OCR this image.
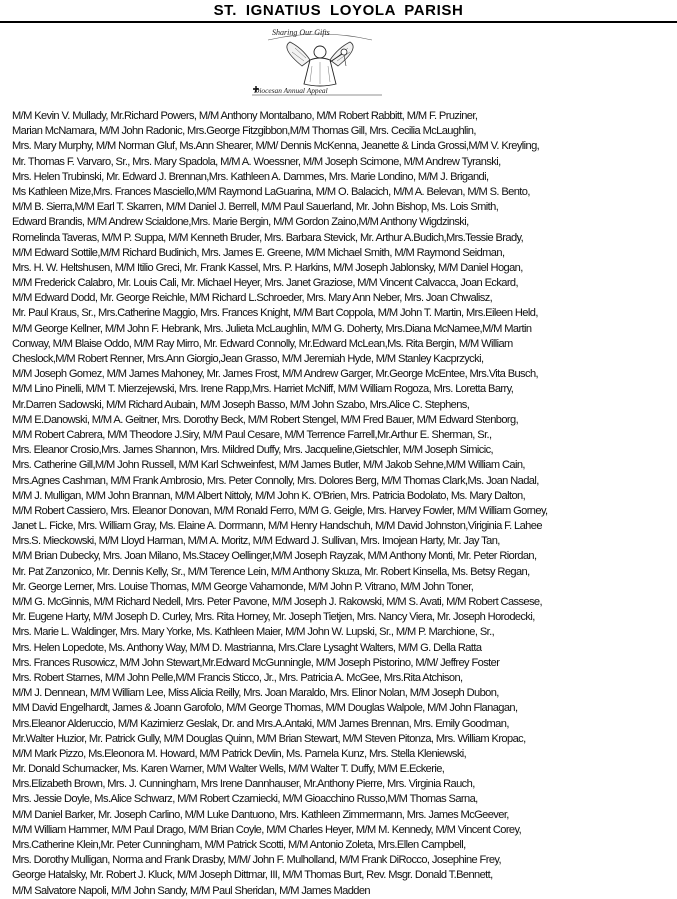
ST. IGNATIUS LOYOLA PARISH
Sharing Our Gifts
Diocesan Annual Appeal
M/M Kevin V. Mullady, Mr.Richard Powers, M/M Anthony Montalbano, M/M Robert Rabbitt, M/M F. Pruziner,
Marian McNamara, M/M John Radonic, Mrs.George Fitzgibbon,M/M Thomas Gill, Mrs. Cecilia McLaughlin,
Mrs. Mary Murphy, M/M Norman Gluf, Ms.Ann Shearer, M/M/ Dennis McKenna, Jeanette & Linda Grossi,M/M V. Kreyling,
Mr. Thomas F. Varvaro, Sr., Mrs. Mary Spadola, M/M A. Woessner, M/M Joseph Scimone, M/M Andrew Tyranski,
Mrs. Helen Trubinski, Mr. Edward J. Brennan,Mrs. Kathleen A. Dammes, Mrs. Marie Londino, M/M J. Brigandi,
Ms Kathleen Mize,Mrs. Frances Masciello,M/M Raymond LaGuarina, M/M O. Balacich, M/M A. Belevan, M/M S. Bento,
M/M B. Sierra,M/M Earl T. Skarren, M/M Daniel J. Berrell, M/M Paul Sauerland, Mr. John Bishop, Ms. Lois Smith,
Edward Brandis, M/M Andrew Scialdone,Mrs. Marie Bergin, M/M Gordon Zaino,M/M Anthony Wigdzinski,
Romelinda Taveras, M/M P. Suppa, M/M Kenneth Bruder, Mrs. Barbara Stevick, Mr. Arthur A.Budich,Mrs.Tessie Brady,
M/M Edward Sottile,M/M Richard Budinich, Mrs. James E. Greene, M/M Michael Smith, M/M Raymond Seidman,
Mrs. H. W. Heltshusen, M/M Itilio Greci, Mr. Frank Kassel, Mrs. P. Harkins, M/M Joseph Jablonsky, M/M Daniel Hogan,
M/M Frederick Calabro, Mr. Louis Cali, Mr. Michael Heyer, Mrs. Janet Graziose, M/M Vincent Calvacca, Joan Eckard,
M/M Edward Dodd, Mr. George Reichle, M/M Richard L.Schroeder, Mrs. Mary Ann Neber, Mrs. Joan Chwalisz,
Mr. Paul Kraus, Sr., Mrs.Catherine Maggio, Mrs. Frances Knight, M/M Bart Coppola, M/M John T. Martin, Mrs.Eileen Held,
M/M George Kellner, M/M John F. Hebrank, Mrs. Julieta McLaughlin, M/M G. Doherty, Mrs.Diana McNamee,M/M Martin
Conway, M/M Blaise Oddo, M/M Ray Mirro, Mr. Edward Connolly, Mr.Edward McLean,Ms. Rita Bergin, M/M William
Cheslock,M/M Robert Renner, Mrs.Ann Giorgio,Jean Grasso, M/M Jeremiah Hyde, M/M Stanley Kacprzycki,
M/M Joseph Gomez, M/M James Mahoney, Mr. James Frost, M/M Andrew Garger, Mr.George McEntee, Mrs.Vita Busch,
M/M Lino Pinelli, M/M T. Mierzejewski, Mrs. Irene Rapp,Mrs. Harriet McNiff, M/M William Rogoza, Mrs. Loretta Barry,
Mr.Darren Sadowski, M/M Richard Aubain, M/M Joseph Basso, M/M John Szabo, Mrs.Alice C. Stephens,
M/M E.Danowski, M/M A. Geitner, Mrs. Dorothy Beck, M/M Robert Stengel, M/M Fred Bauer, M/M Edward Stenborg,
M/M Robert Cabrera, M/M Theodore J.Siry, M/M Paul Cesare, M/M Terrence Farrell,Mr.Arthur E. Sherman, Sr.,
Mrs. Eleanor Crosio,Mrs. James Shannon, Mrs. Mildred Duffy, Mrs. Jacqueline,Gietschler, M/M Joseph Simicic,
Mrs. Catherine Gill,M/M John Russell, M/M Karl Schweinfest, M/M James Butler, M/M Jakob Sehne,M/M William Cain,
Mrs.Agnes Cashman, M/M Frank Ambrosio, Mrs. Peter Connolly, Mrs. Dolores Berg, M/M Thomas Clark,Ms. Joan Nadal,
M/M J. Mulligan, M/M John Brannan, M/M Albert Nittoly, M/M John K. O'Brien, Mrs. Patricia Bodolato, Ms. Mary Dalton,
M/M Robert Cassiero, Mrs. Eleanor Donovan, M/M Ronald Ferro, M/M G. Geigle, Mrs. Harvey Fowler, M/M William Gorney,
Janet L. Ficke, Mrs. William Gray, Ms. Elaine A. Dorrmann, M/M Henry Handschuh, M/M David Johnston,Viriginia F. Lahee
Mrs.S. Mieckowski, M/M Lloyd Harman, M/M A. Moritz, M/M Edward J. Sullivan, Mrs. Imojean Harty, Mr. Jay Tan,
M/M Brian Dubecky, Mrs. Joan Milano, Ms.Stacey Oellinger,M/M Joseph Rayzak, M/M Anthony Monti, Mr. Peter Riordan,
Mr. Pat Zanzonico, Mr. Dennis Kelly, Sr., M/M Terence Lein, M/M Anthony Skuza, Mr. Robert Kinsella, Ms. Betsy Regan,
Mr. George Lerner, Mrs. Louise Thomas, M/M George Vahamonde, M/M John P. Vitrano, M/M John Toner,
M/M G. McGinnis, M/M Richard Nedell, Mrs. Peter Pavone, M/M Joseph J. Rakowski, M/M S. Avati, M/M Robert Cassese,
Mr. Eugene Harty, M/M Joseph D. Curley, Mrs. Rita Horney, Mr. Joseph Tietjen, Mrs. Nancy Viera, Mr. Joseph Horodecki,
Mrs. Marie L. Waldinger, Mrs. Mary Yorke, Ms. Kathleen Maier, M/M John W. Lupski, Sr., M/M P. Marchione, Sr.,
Mrs. Helen Lopedote, Ms. Anthony Way, M/M D. Mastrianna, Mrs.Clare Lysaght Walters, M/M G. Della Ratta
Mrs. Frances Rusowicz, M/M John Stewart,Mr.Edward McGunningle, M/M Joseph Pistorino, M/M/ Jeffrey Foster
Mrs. Robert Starnes, M/M John Pelle,M/M Francis Sticco, Jr., Mrs. Patricia A. McGee, Mrs.Rita Atchison,
M/M J. Dennean, M/M William Lee, Miss Alicia Reilly, Mrs. Joan Maraldo, Mrs. Elinor Nolan, M/M Joseph Dubon,
MM David Engelhardt, James & Joann Garofolo, M/M George Thomas, M/M Douglas Walpole, M/M John Flanagan,
Mrs.Eleanor Alderuccio, M/M Kazimierz Geslak, Dr. and Mrs.A.Antaki, M/M James Brennan, Mrs. Emily Goodman,
Mr.Walter Huzior, Mr. Patrick Gully, M/M Douglas Quinn, M/M Brian Stewart, M/M Steven Pitonza, Mrs. William Kropac,
M/M Mark Pizzo, Ms.Eleonora M. Howard, M/M Patrick Devlin, Ms. Pamela Kunz, Mrs. Stella Kleniewski,
Mr. Donald Schumacker, Ms. Karen Warner, M/M Walter Wells, M/M Walter T. Duffy, M/M E.Eckerie,
Mrs.Elizabeth Brown, Mrs. J. Cunningham, Mrs Irene Dannhauser, Mr.Anthony Pierre, Mrs. Virginia Rauch,
Mrs. Jessie Doyle, Ms.Alice Schwarz, M/M Robert Czarniecki, M/M Gioacchino Russo,M/M Thomas Sarna,
M/M Daniel Barker, Mr. Joseph Carlino, M/M Luke Dantuono, Mrs. Kathleen Zimmermann, Mrs. James McGeever,
M/M William Hammer, M/M Paul Drago, M/M Brian Coyle, M/M Charles Heyer, M/M M. Kennedy, M/M Vincent Corey,
Mrs.Catherine Klein,Mr. Peter Cunningham, M/M Patrick Scotti, M/M Antonio Zoleta, Mrs.Ellen Campbell,
Mrs. Dorothy Mulligan, Norma and Frank Drasby, M/M/ John F. Mulholland, M/M Frank DiRocco, Josephine Frey,
George Hatalsky, Mr. Robert J. Kluck, M/M Joseph Dittmar, III, M/M Thomas Burt, Rev. Msgr. Donald T.Bennett,
M/M Salvatore Napoli, M/M John Sandy, M/M Paul Sheridan, M/M James Madden
